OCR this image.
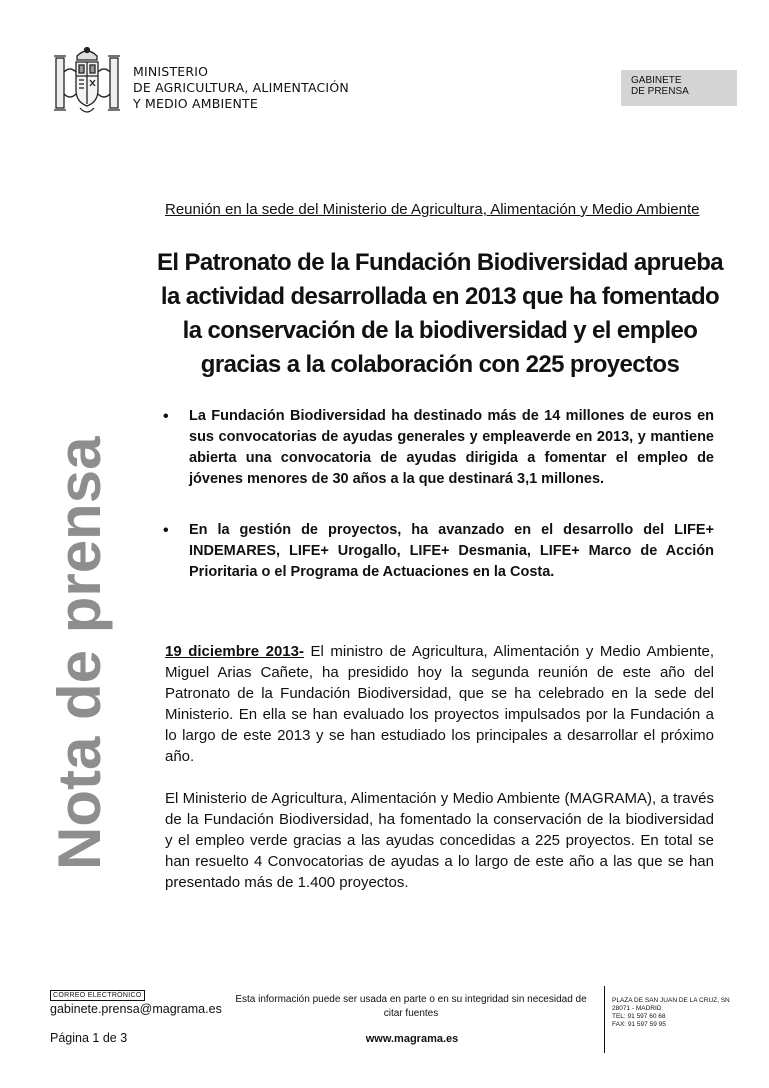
MINISTERIO
DE AGRICULTURA, ALIMENTACIÓN
Y MEDIO AMBIENTE
GABINETE
DE PRENSA
Reunión en la sede del Ministerio de Agricultura, Alimentación y Medio Ambiente
El Patronato de la Fundación Biodiversidad aprueba
la actividad desarrollada en 2013 que ha fomentado
la conservación de la biodiversidad y el empleo
gracias a la colaboración con 225 proyectos
• La Fundación Biodiversidad ha destinado más de 14 millones de euros en sus convocatorias de ayudas generales y empleaverde en 2013, y mantiene abierta una convocatoria de ayudas dirigida a fomentar el empleo de jóvenes menores de 30 años a la que destinará 3,1 millones.
• En la gestión de proyectos, ha avanzado en el desarrollo del LIFE+ INDEMARES, LIFE+ Urogallo, LIFE+ Desmania, LIFE+ Marco de Acción Prioritaria o el Programa de Actuaciones en la Costa.

19 diciembre 2013- El ministro de Agricultura, Alimentación y Medio Ambiente, Miguel Arias Cañete, ha presidido hoy la segunda reunión de este año del Patronato de la Fundación Biodiversidad, que se ha celebrado en la sede del Ministerio. En ella se han evaluado los proyectos impulsados por la Fundación a lo largo de este 2013 y se han estudiado los principales a desarrollar el próximo año.

El Ministerio de Agricultura, Alimentación y Medio Ambiente (MAGRAMA), a través de la Fundación Biodiversidad, ha fomentado la conservación de la biodiversidad y el empleo verde gracias a las ayudas concedidas a 225 proyectos. En total se han resuelto 4 Convocatorias de ayudas a lo largo de este año a las que se han presentado más de 1.400 proyectos.

Nota de prensa
CORREO ELECTRÓNICO
gabinete.prensa@magrama.es
Página 1 de 3
Esta información puede ser usada en parte o en su integridad sin necesidad de citar fuentes
www.magrama.es
PLAZA DE SAN JUAN DE LA CRUZ, SN
28071 - MADRID
TEL: 91 597 60 68
FAX: 91 597 59 95
